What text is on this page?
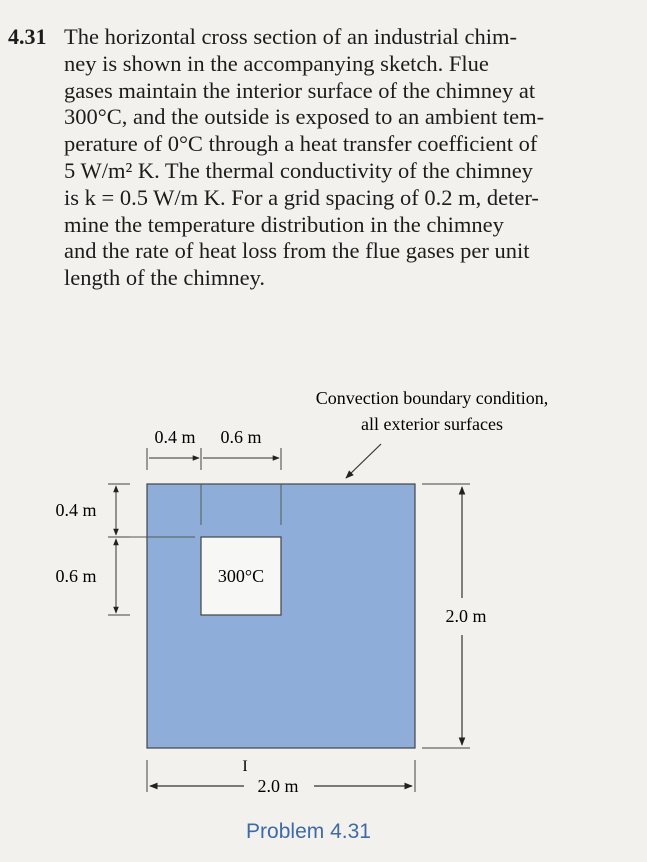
4.31 The horizontal cross section of an industrial chim-
ney is shown in the accompanying sketch. Flue
gases maintain the interior surface of the chimney at
300°C, and the outside is exposed to an ambient tem-
perature of 0°C through a heat transfer coefficient of
5 W/m² K. The thermal conductivity of the chimney
is k = 0.5 W/m K. For a grid spacing of 0.2 m, deter-
mine the temperature distribution in the chimney
and the rate of heat loss from the flue gases per unit
length of the chimney.
300°C
0.4 m 0.6 m
0.4 m
0.6 m
2.0 m
I
2.0 m
Convection boundary condition,
all exterior surfaces
Problem 4.31
